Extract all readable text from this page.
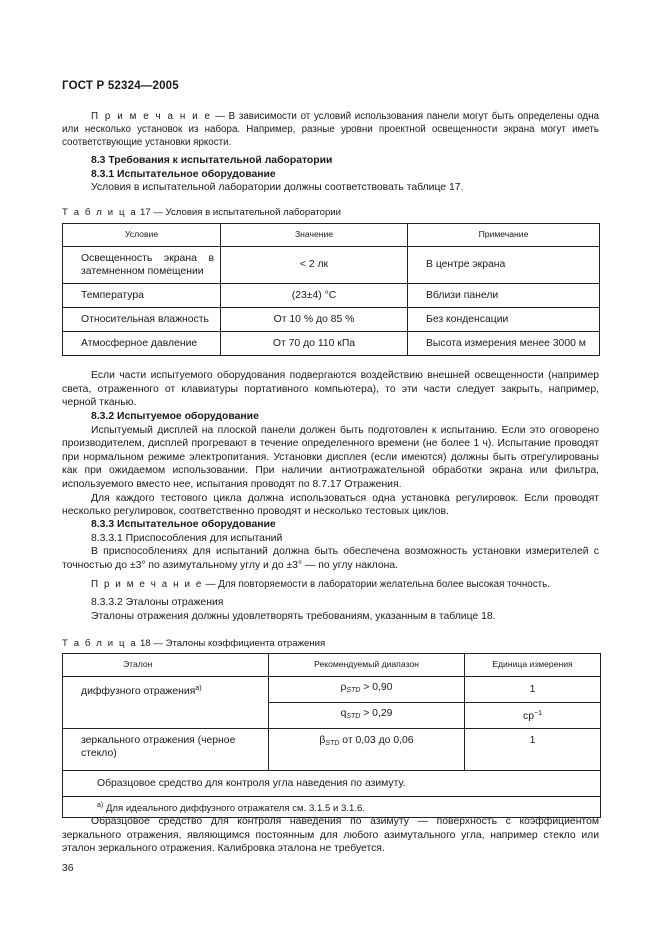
ГОСТ Р 52324—2005
П р и м е ч а н и е — В зависимости от условий использования панели могут быть определены одна или несколько установок из набора. Например, разные уровни проектной освещенности экрана могут иметь соответствующие установки яркости.

8.3 Требования к испытательной лаборатории

8.3.1 Испытательное оборудование

Условия в испытательной лаборатории должны соответствовать таблице 17.

Т а б л и ц а 17 — Условия в испытательной лаборатории
Условие	Значение	Примечание
Освещенность экрана в затемненном помещении	< 2 лк	В центре экрана
Температура	(23±4) °С	Вблизи панели
Относительная влажность	От 10 % до 85 %	Без конденсации
Атмосферное давление	От 70 до 110 кПа	Высота измерения менее 3000 м
Если части испытуемого оборудования подвергаются воздействию внешней освещенности (например света, отраженного от клавиатуры портативного компьютера), то эти части следует закрыть, например, черной тканью.

8.3.2 Испытуемое оборудование

Испытуемый дисплей на плоской панели должен быть подготовлен к испытанию. Если это оговорено производителем, дисплей прогревают в течение определенного времени (не более 1 ч). Испытание проводят при нормальном режиме электропитания. Установки дисплея (если имеются) должны быть отрегулированы как при ожидаемом использовании. При наличии антиотражательной обработки экрана или фильтра, используемого вместо нее, испытания проводят по 8.7.17 Отражения.

Для каждого тестового цикла должна использоваться одна установка регулировок. Если проводят несколько регулировок, соответственно проводят и несколько тестовых циклов.

8.3.3 Испытательное оборудование

8.3.3.1 Приспособления для испытаний

В приспособлениях для испытаний должна быть обеспечена возможность установки измерителей с точностью до ±3° по азимутальному углу и до ±3° — по углу наклона.

П р и м е ч а н и е — Для повторяемости в лаборатории желательна более высокая точность.

8.3.3.2 Эталоны отражения

Эталоны отражения должны удовлетворять требованиям, указанным в таблице 18.

Т а б л и ц а 18 — Эталоны коэффициента отражения
Эталон	Рекомендуемый диапазон	Единица измерения
диффузного отражения$^{а)}$	$\rho_{STD} > 0,90$	1
	$q_{STD} > 0,29$	$ср^{-1}$
зеркального отражения (черное стекло)	$\beta_{STD}$ от 0,03 до 0,06	1
Образцовое средство для контроля угла наведения по азимуту.		
$^{а)}$ Для идеального диффузного отражателя см. 3.1.5 и 3.1.6.		
Образцовое средство для контроля наведения по азимуту — поверхность с коэффициентом зеркального отражения, являющимся постоянным для любого азимутального угла, например стекло или эталон зеркального отражения. Калибровка эталона не требуется.
36
